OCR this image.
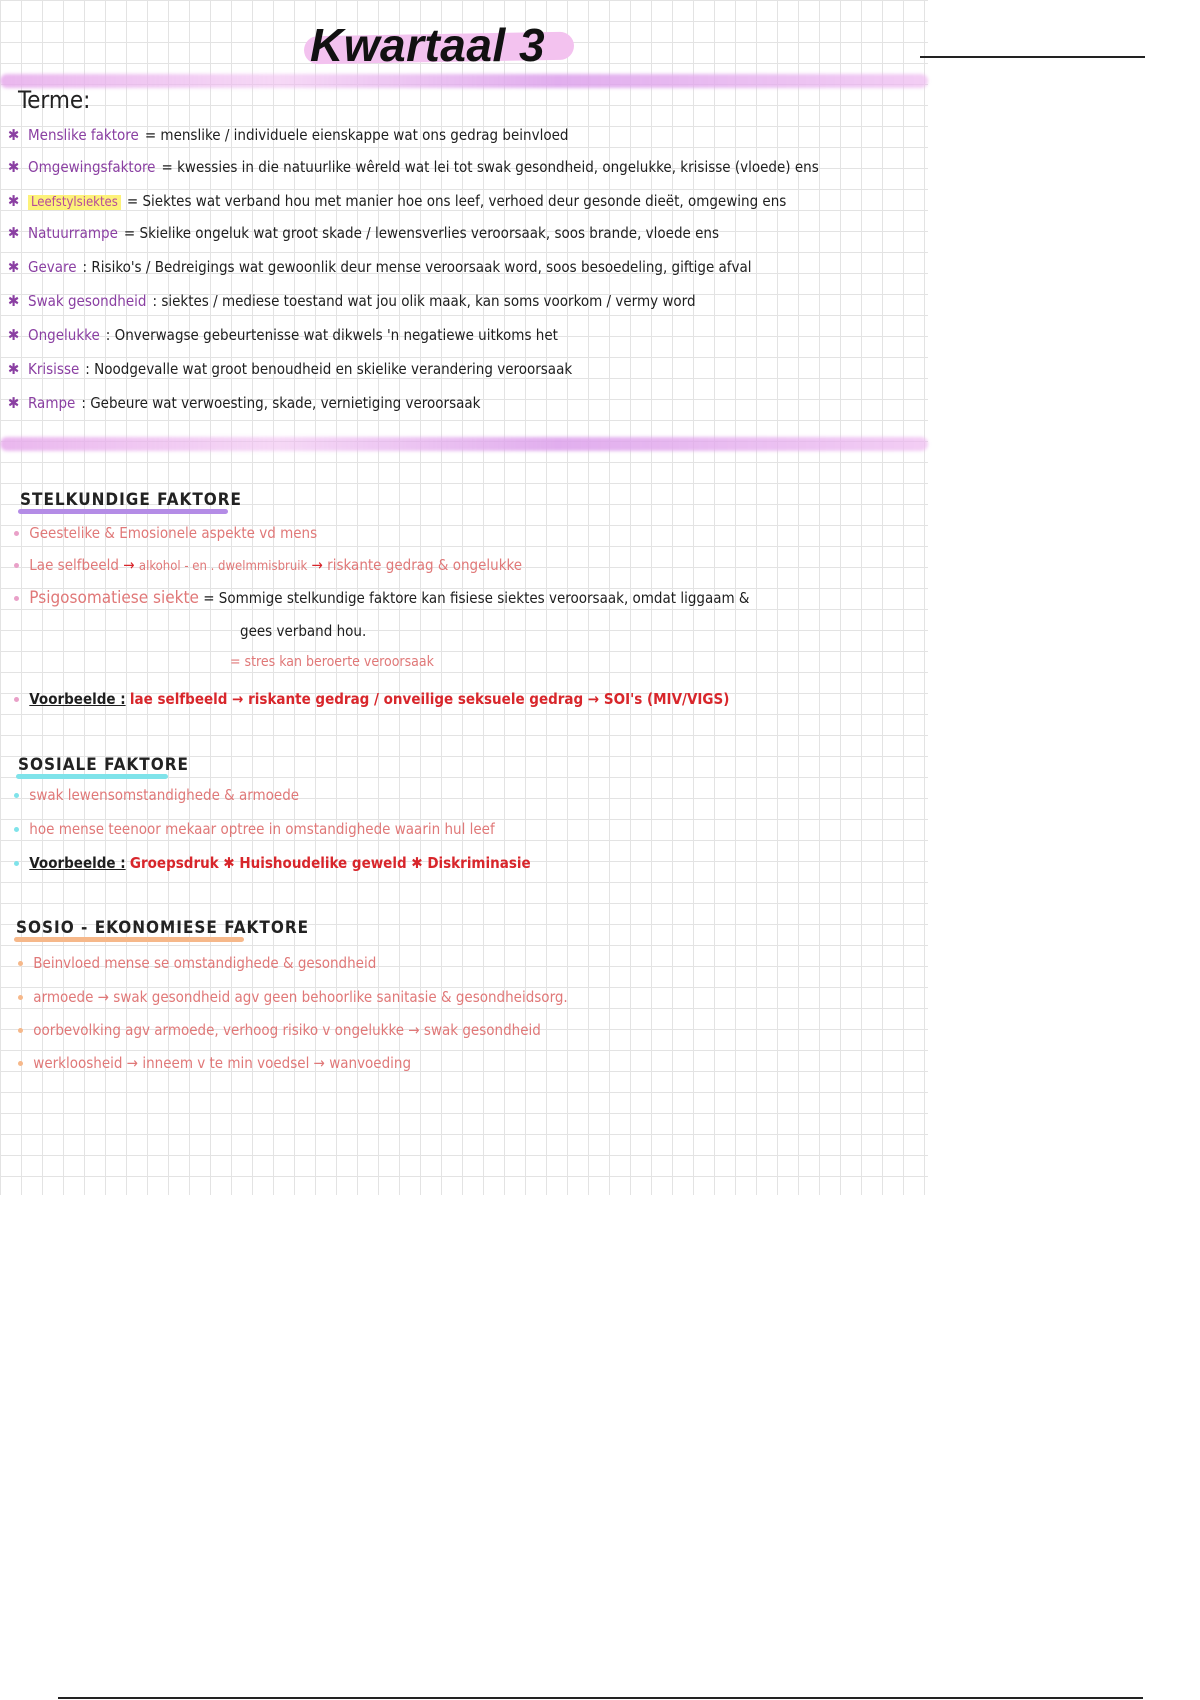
Kwartaal 3
Terme:
✱ Menslike faktore =
menslike / individuele eienskappe wat ons gedrag beinvloed
✱ Omgewingsfaktore =
kwessies in die natuurlike wêreld wat lei tot swak gesondheid, ongelukke, krisisse (vloede) ens
✱ Leefstylsiektes =
Siektes wat verband hou met manier hoe ons leef, verhoed deur gesonde dieët, omgewing ens
✱ Natuurrampe =
Skielike ongeluk wat groot skade / lewensverlies veroorsaak, soos brande, vloede ens
✱ Gevare :
Risiko's / Bedreigings wat gewoonlik deur mense veroorsaak word, soos besoedeling, giftige afval
✱ Swak gesondheid :
siektes / mediese toestand wat jou olik maak, kan soms voorkom / vermy word
✱ Ongelukke :
Onverwagse gebeurtenisse wat dikwels 'n negatiewe uitkoms het
✱ Krisisse :
Noodgevalle wat groot benoudheid en skielike verandering veroorsaak
✱ Rampe :
Gebeure wat verwoesting, skade, vernietiging veroorsaak
STELKUNDIGE FAKTORE
Geestelike & Emosionele aspekte vd mens
Lae selfbeeld → alkohol - en . dwelmmisbruik → riskante gedrag & ongelukke
Psigosomatiese siekte = Sommige stelkundige faktore kan fisiese siektes veroorsaak, omdat liggaam &
gees verband hou.
= stres kan beroerte veroorsaak
Voorbeelde : lae selfbeeld → riskante gedrag / onveilige seksuele gedrag → SOI's (MIV/VIGS)
SOSIALE FAKTORE
swak lewensomstandighede & armoede
hoe mense teenoor mekaar optree in omstandighede waarin hul leef
Voorbeelde : Groepsdruk ✱ Huishoudelike geweld ✱ Diskriminasie
SOSIO - EKONOMIESE FAKTORE
Beinvloed mense se omstandighede & gesondheid
armoede → swak gesondheid agv geen behoorlike sanitasie & gesondheidsorg.
oorbevolking agv armoede, verhoog risiko v ongelukke → swak gesondheid
werkloosheid → inneem v te min voedsel → wanvoeding
